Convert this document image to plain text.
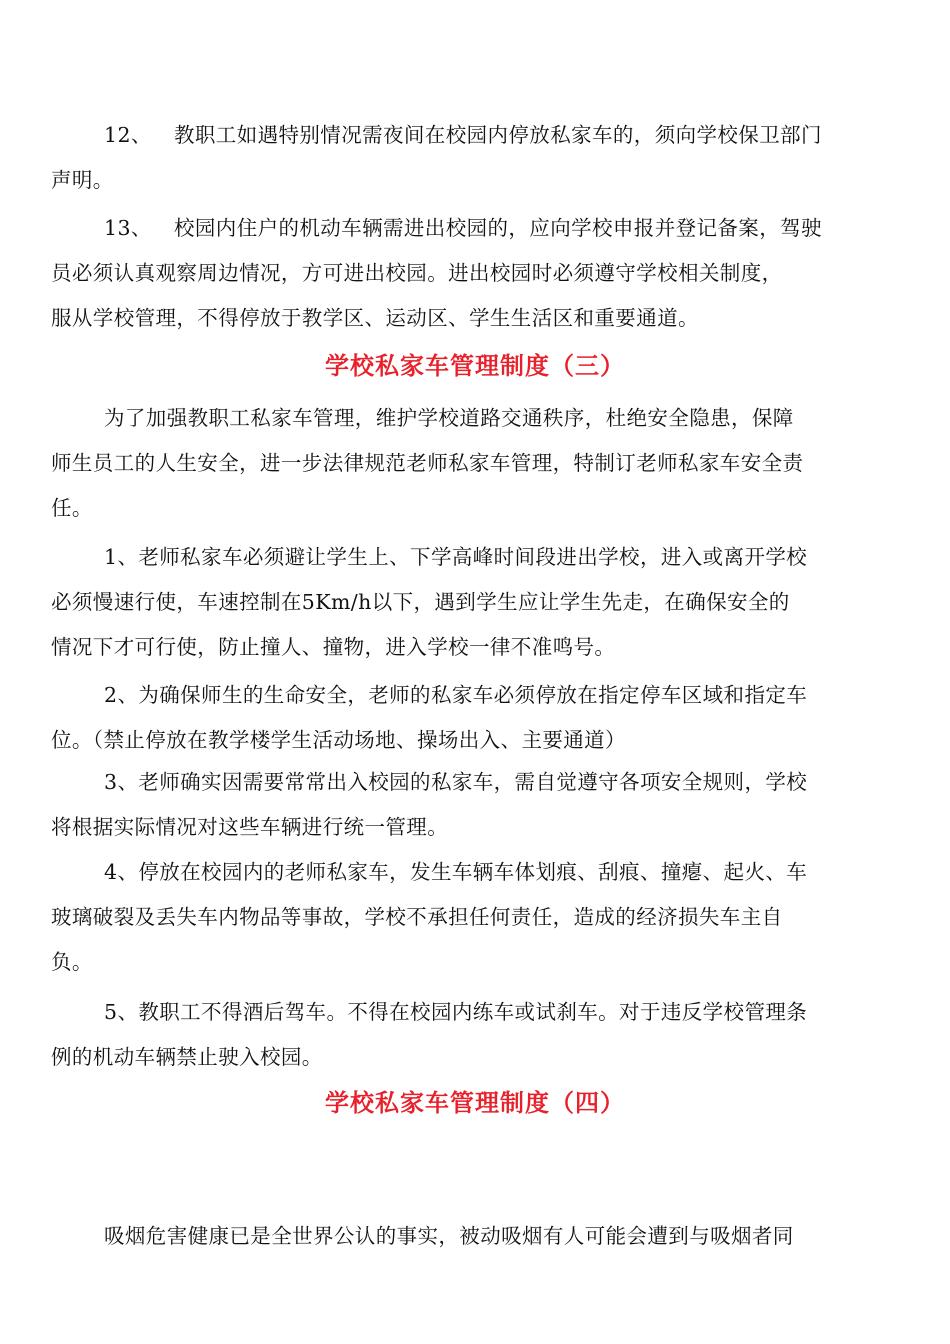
12、 教职工如遇特别情况需夜间在校园内停放私家车的，须向学校保卫部门
声明。
13、 校园内住户的机动车辆需进出校园的，应向学校申报并登记备案，驾驶
员必须认真观察周边情况，方可进出校园。进出校园时必须遵守学校相关制度，
服从学校管理，不得停放于教学区、运动区、学生生活区和重要通道。
学校私家车管理制度（三）
为了加强教职工私家车管理，维护学校道路交通秩序，杜绝安全隐患，保障
师生员工的人生安全，进一步法律规范老师私家车管理，特制订老师私家车安全责
任。
1、老师私家车必须避让学生上、下学高峰时间段进出学校，进入或离开学校
必须慢速行使，车速控制在5Km/h以下，遇到学生应让学生先走，在确保安全的
情况下才可行使，防止撞人、撞物，进入学校一律不准鸣号。
2、为确保师生的生命安全，老师的私家车必须停放在指定停车区域和指定车
位。（禁止停放在教学楼学生活动场地、操场出入、主要通道）
3、老师确实因需要常常出入校园的私家车，需自觉遵守各项安全规则，学校
将根据实际情况对这些车辆进行统一管理。
4、停放在校园内的老师私家车，发生车辆车体划痕、刮痕、撞瘪、起火、车
玻璃破裂及丢失车内物品等事故，学校不承担任何责任，造成的经济损失车主自
负。
5、教职工不得酒后驾车。不得在校园内练车或试刹车。对于违反学校管理条
例的机动车辆禁止驶入校园。
学校私家车管理制度（四）
吸烟危害健康已是全世界公认的事实，被动吸烟有人可能会遭到与吸烟者同
